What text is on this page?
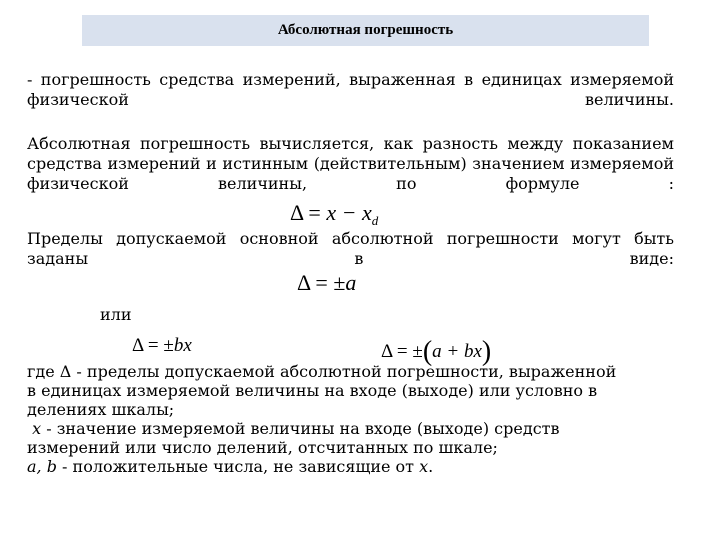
Абсолютная погрешность
- погрешность средства измерений, выраженная в единицах измеряемой физической величины.
Абсолютная погрешность вычисляется, как разность между показанием средства измерений и истинным (действительным) значением измеряемой физической величины, по формуле :
$\Delta = x - x_d$
Пределы допускаемой основной абсолютной погрешности могут быть заданы в виде:
Δ = ±a
или
Δ = ±bx	Δ = ±(a + bx)
где Δ - пределы допускаемой абсолютной погрешности, выраженной
в единицах измеряемой величины на входе (выходе) или условно в
делениях шкалы;
x - значение измеряемой величины на входе (выходе) средств
измерений или число делений, отсчитанных по шкале;
a, b - положительные числа, не зависящие от x.
